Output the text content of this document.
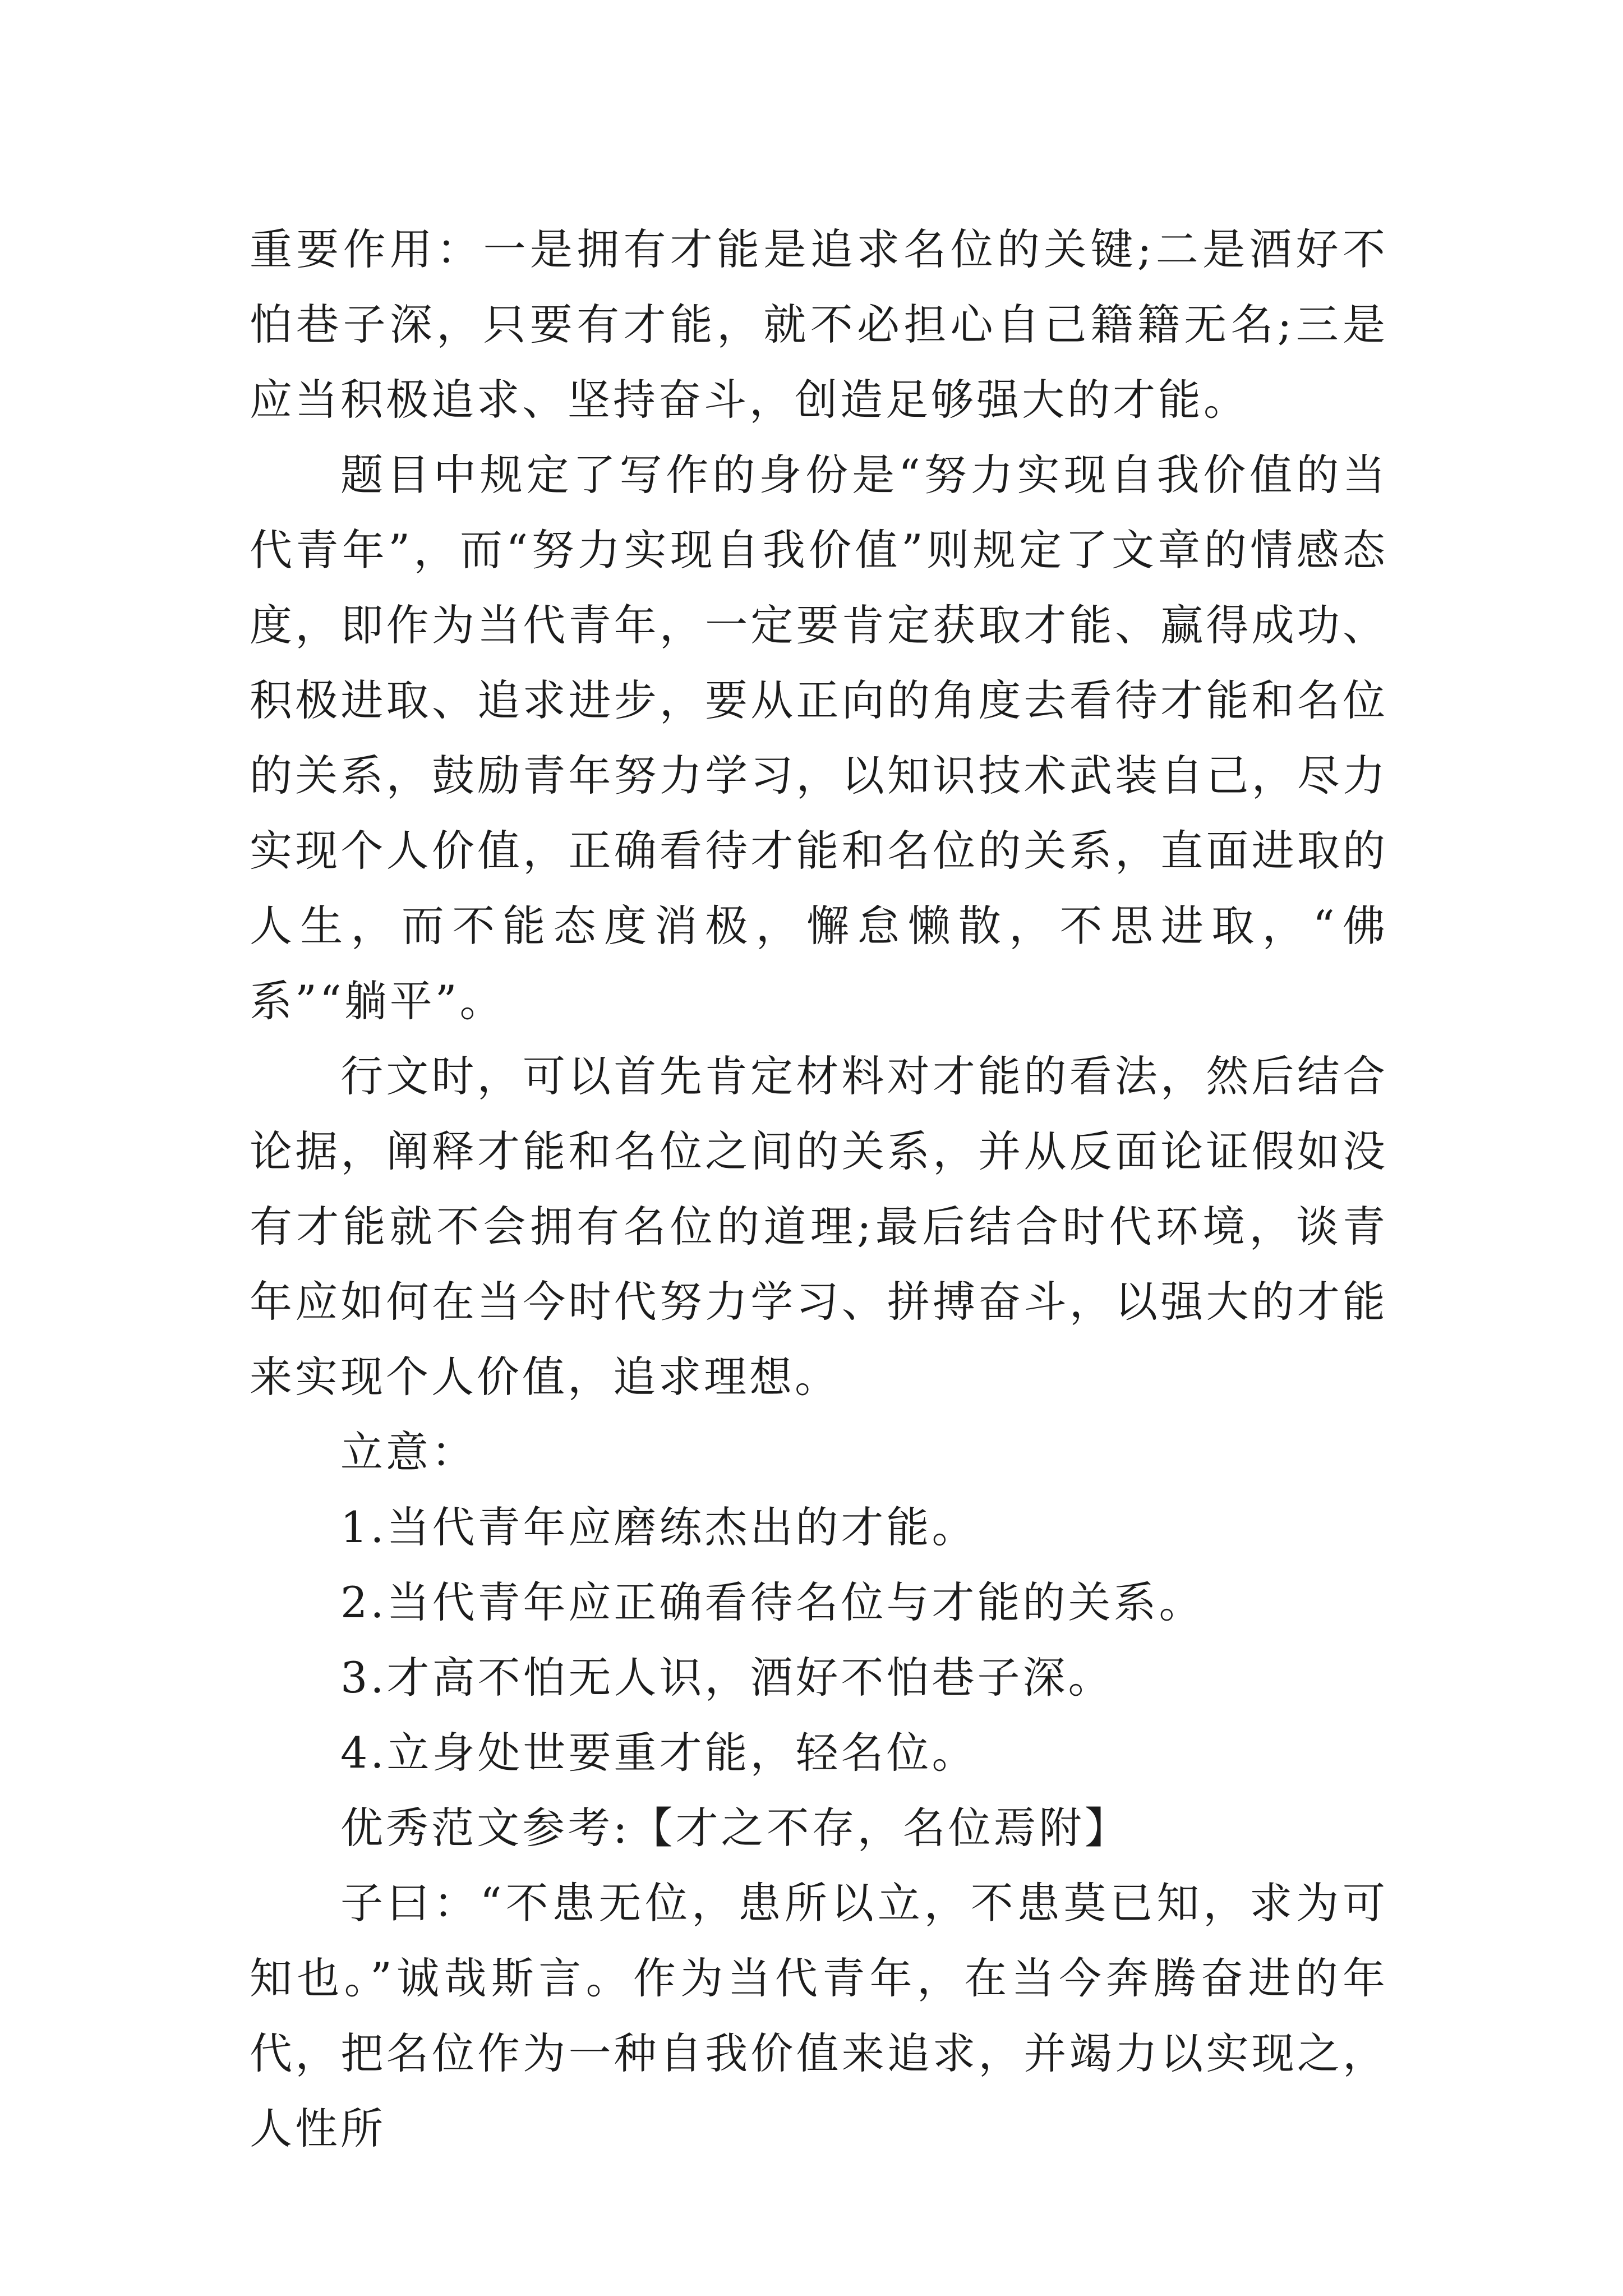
重要作用：一是拥有才能是追求名位的关键;二是酒好不怕巷子深，只要有才能，就不必担心自己籍籍无名;三是应当积极追求、坚持奋斗，创造足够强大的才能。

题目中规定了写作的身份是“努力实现自我价值的当代青年”，而“努力实现自我价值”则规定了文章的情感态度，即作为当代青年，一定要肯定获取才能、赢得成功、积极进取、追求进步，要从正向的角度去看待才能和名位的关系，鼓励青年努力学习，以知识技术武装自己，尽力实现个人价值，正确看待才能和名位的关系，直面进取的人生，而不能态度消极，懈怠懒散，不思进取，“佛系”“躺平”。

行文时，可以首先肯定材料对才能的看法，然后结合论据，阐释才能和名位之间的关系，并从反面论证假如没有才能就不会拥有名位的道理;最后结合时代环境，谈青年应如何在当今时代努力学习、拼搏奋斗，以强大的才能来实现个人价值，追求理想。

立意：

1.当代青年应磨练杰出的才能。

2.当代青年应正确看待名位与才能的关系。

3.才高不怕无人识，酒好不怕巷子深。

4.立身处世要重才能，轻名位。

优秀范文参考:【才之不存，名位焉附】

子曰：“不患无位，患所以立，不患莫已知，求为可知也。”诚哉斯言。作为当代青年，在当今奔腾奋进的年代，把名位作为一种自我价值来追求，并竭力以实现之，人性所
